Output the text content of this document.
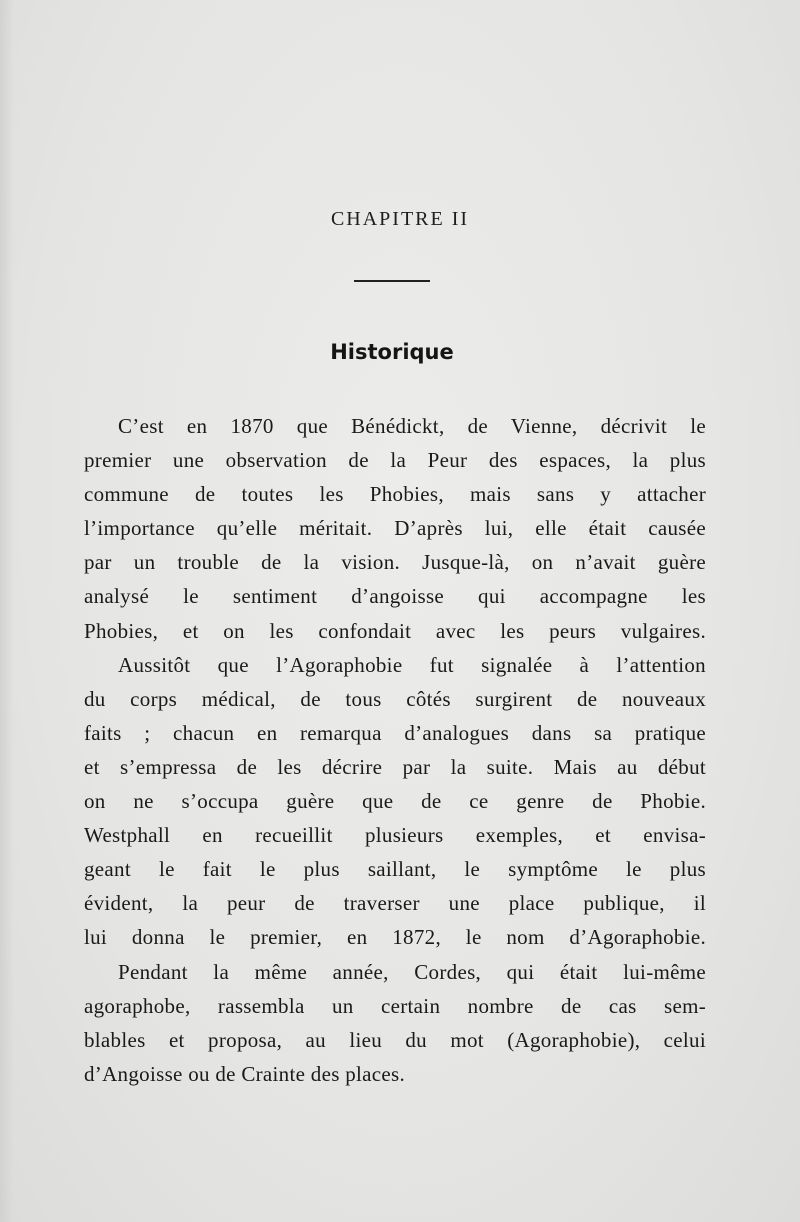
CHAPITRE II
Historique

C’est en 1870 que Bénédickt, de Vienne, décrivit le
premier une observation de la Peur des espaces, la plus
commune de toutes les Phobies, mais sans y attacher
l’importance qu’elle méritait. D’après lui, elle était causée
par un trouble de la vision. Jusque-là, on n’avait guère
analysé le sentiment d’angoisse qui accompagne les
Phobies, et on les confondait avec les peurs vulgaires.

Aussitôt que l’Agoraphobie fut signalée à l’attention
du corps médical, de tous côtés surgirent de nouveaux
faits ; chacun en remarqua d’analogues dans sa pratique
et s’empressa de les décrire par la suite. Mais au début
on ne s’occupa guère que de ce genre de Phobie.
Westphall en recueillit plusieurs exemples, et envisa-
geant le fait le plus saillant, le symptôme le plus
évident, la peur de traverser une place publique, il
lui donna le premier, en 1872, le nom d’Agoraphobie.

Pendant la même année, Cordes, qui était lui-même
agoraphobe, rassembla un certain nombre de cas sem-
blables et proposa, au lieu du mot (Agoraphobie), celui
d’Angoisse ou de Crainte des places.
